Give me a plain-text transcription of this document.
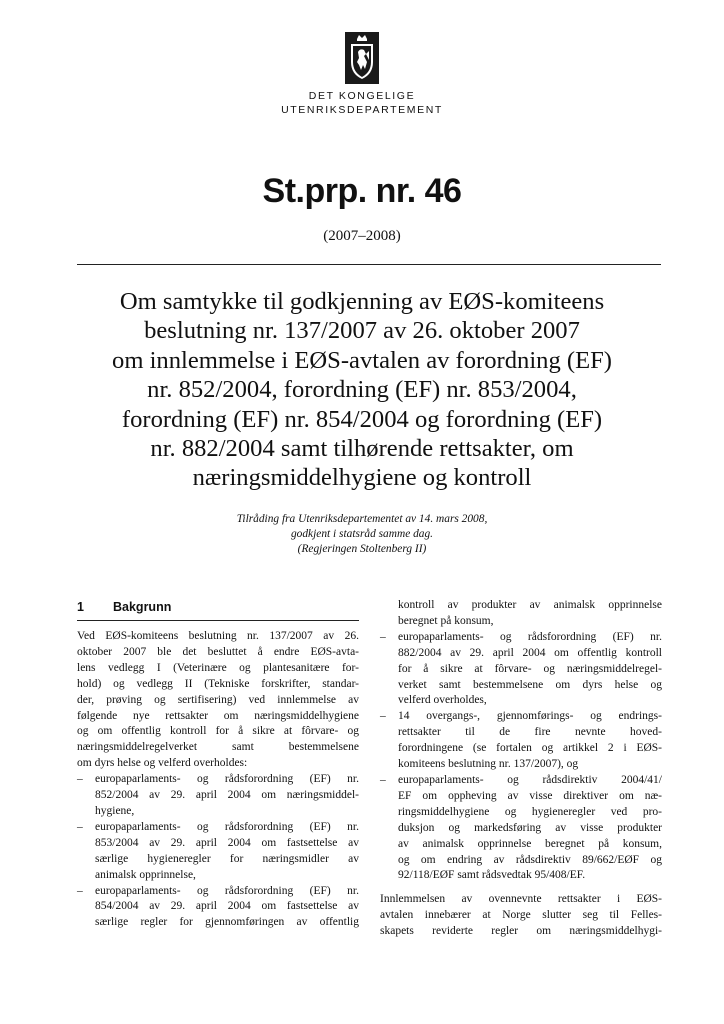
DET KONGELIGE
UTENRIKSDEPARTEMENT
St.prp. nr. 46
(2007–2008)
Om samtykke til godkjenning av EØS-komiteens
beslutning nr. 137/2007 av 26. oktober 2007
om innlemmelse i EØS-avtalen av forordning (EF)
nr. 852/2004, forordning (EF) nr. 853/2004,
forordning (EF) nr. 854/2004 og forordning (EF)
nr. 882/2004 samt tilhørende rettsakter, om
næringsmiddelhygiene og kontroll
Tilråding fra Utenriksdepartementet av 14. mars 2008,
godkjent i statsråd samme dag.
(Regjeringen Stoltenberg II)
1 Bakgrunn
Ved EØS-komiteens beslutning nr. 137/2007 av 26.
oktober 2007 ble det besluttet å endre EØS-avta-
lens vedlegg I (Veterinære og plantesanitære for-
hold) og vedlegg II (Tekniske forskrifter, standar-
der, prøving og sertifisering) ved innlemmelse av
følgende nye rettsakter om næringsmiddelhygiene
og om offentlig kontroll for å sikre at fôrvare- og
næringsmiddelregelverket samt bestemmelsene
om dyrs helse og velferd overholdes:
– europaparlaments- og rådsforordning (EF) nr.
852/2004 av 29. april 2004 om næringsmiddel-
hygiene,
– europaparlaments- og rådsforordning (EF) nr.
853/2004 av 29. april 2004 om fastsettelse av
særlige hygieneregler for næringsmidler av
animalsk opprinnelse,
– europaparlaments- og rådsforordning (EF) nr.
854/2004 av 29. april 2004 om fastsettelse av
særlige regler for gjennomføringen av offentlig
kontroll av produkter av animalsk opprinnelse
beregnet på konsum,
– europaparlaments- og rådsforordning (EF) nr.
882/2004 av 29. april 2004 om offentlig kontroll
for å sikre at fôrvare- og næringsmiddelregel-
verket samt bestemmelsene om dyrs helse og
velferd overholdes,
– 14 overgangs-, gjennomførings- og endrings-
rettsakter til de fire nevnte hoved-
forordningene (se fortalen og artikkel 2 i EØS-
komiteens beslutning nr. 137/2007), og
– europaparlaments- og rådsdirektiv 2004/41/
EF om oppheving av visse direktiver om næ-
ringsmiddelhygiene og hygieneregler ved pro-
duksjon og markedsføring av visse produkter
av animalsk opprinnelse beregnet på konsum,
og om endring av rådsdirektiv 89/662/EØF og
92/118/EØF samt rådsvedtak 95/408/EF.
Innlemmelsen av ovennevnte rettsakter i EØS-
avtalen innebærer at Norge slutter seg til Felles-
skapets reviderte regler om næringsmiddelhygi-
